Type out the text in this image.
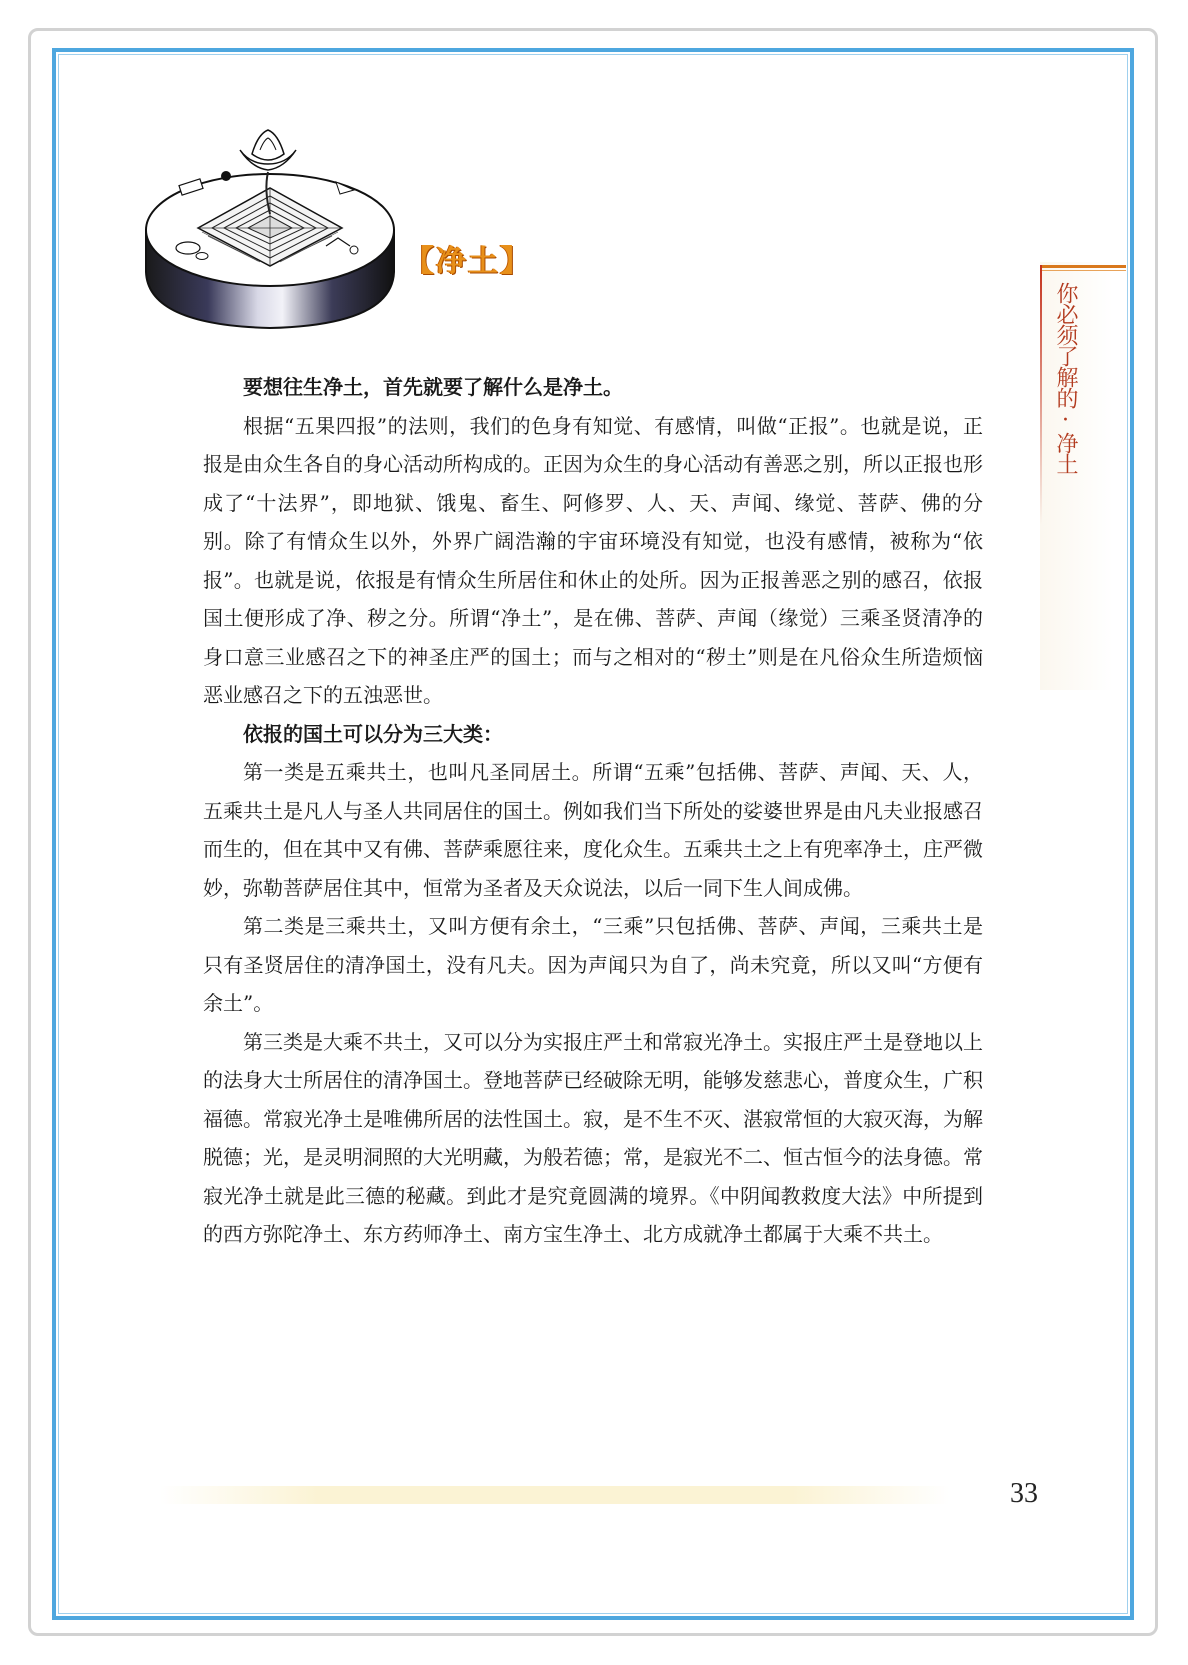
【净土】
你必须了解的·净土

要想往生净土，首先就要了解什么是净土。

根据“五果四报”的法则，我们的色身有知觉、有感情，叫做“正报”。也就是说，正报是由众生各自的身心活动所构成的。正因为众生的身心活动有善恶之别，所以正报也形成了“十法界”，即地狱、饿鬼、畜生、阿修罗、人、天、声闻、缘觉、菩萨、佛的分别。除了有情众生以外，外界广阔浩瀚的宇宙环境没有知觉，也没有感情，被称为“依报”。也就是说，依报是有情众生所居住和休止的处所。因为正报善恶之别的感召，依报国土便形成了净、秽之分。所谓“净土”，是在佛、菩萨、声闻（缘觉）三乘圣贤清净的身口意三业感召之下的神圣庄严的国土；而与之相对的“秽土”则是在凡俗众生所造烦恼恶业感召之下的五浊恶世。

依报的国土可以分为三大类：

第一类是五乘共土，也叫凡圣同居土。所谓“五乘”包括佛、菩萨、声闻、天、人，五乘共土是凡人与圣人共同居住的国土。例如我们当下所处的娑婆世界是由凡夫业报感召而生的，但在其中又有佛、菩萨乘愿往来，度化众生。五乘共土之上有兜率净土，庄严微妙，弥勒菩萨居住其中，恒常为圣者及天众说法，以后一同下生人间成佛。

第二类是三乘共土，又叫方便有余土，“三乘”只包括佛、菩萨、声闻，三乘共土是只有圣贤居住的清净国土，没有凡夫。因为声闻只为自了，尚未究竟，所以又叫“方便有余土”。

第三类是大乘不共土，又可以分为实报庄严土和常寂光净土。实报庄严土是登地以上的法身大士所居住的清净国土。登地菩萨已经破除无明，能够发慈悲心，普度众生，广积福德。常寂光净土是唯佛所居的法性国土。寂，是不生不灭、湛寂常恒的大寂灭海，为解脱德；光，是灵明洞照的大光明藏，为般若德；常，是寂光不二、恒古恒今的法身德。常寂光净土就是此三德的秘藏。到此才是究竟圆满的境界。《中阴闻教救度大法》中所提到的西方弥陀净土、东方药师净土、南方宝生净土、北方成就净土都属于大乘不共土。

33
